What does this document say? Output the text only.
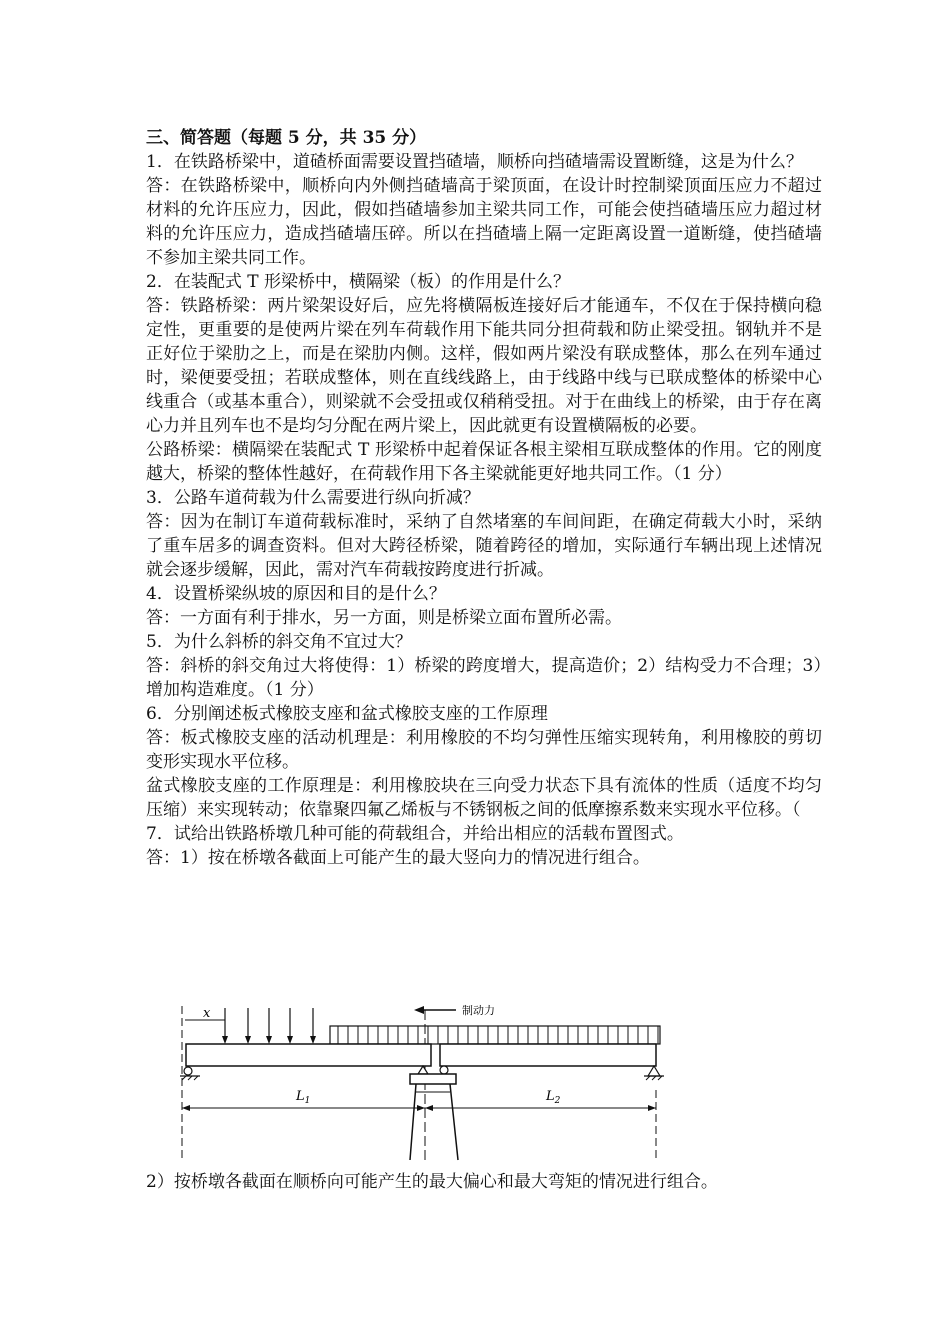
三、简答题（每题 5 分，共 35 分）

1．在铁路桥梁中，道碴桥面需要设置挡碴墙，顺桥向挡碴墙需设置断缝，这是为什么？

答：在铁路桥梁中，顺桥向内外侧挡碴墙高于梁顶面，在设计时控制梁顶面压应力不超过材料的允许压应力，因此，假如挡碴墙参加主梁共同工作，可能会使挡碴墙压应力超过材料的允许压应力，造成挡碴墙压碎。所以在挡碴墙上隔一定距离设置一道断缝，使挡碴墙不参加主梁共同工作。

2．在装配式 T 形梁桥中，横隔梁（板）的作用是什么？

答：铁路桥梁：两片梁架设好后，应先将横隔板连接好后才能通车，不仅在于保持横向稳定性，更重要的是使两片梁在列车荷载作用下能共同分担荷载和防止梁受扭。钢轨并不是正好位于梁肋之上，而是在梁肋内侧。这样，假如两片梁没有联成整体，那么在列车通过时，梁便要受扭；若联成整体，则在直线线路上，由于线路中线与已联成整体的桥梁中心线重合（或基本重合），则梁就不会受扭或仅稍稍受扭。对于在曲线上的桥梁，由于存在离心力并且列车也不是均匀分配在两片梁上，因此就更有设置横隔板的必要。

公路桥梁：横隔梁在装配式 T 形梁桥中起着保证各根主梁相互联成整体的作用。它的刚度越大，桥梁的整体性越好，在荷载作用下各主梁就能更好地共同工作。（1 分）

3．公路车道荷载为什么需要进行纵向折减？

答：因为在制订车道荷载标准时，采纳了自然堵塞的车间间距，在确定荷载大小时，采纳了重车居多的调查资料。但对大跨径桥梁，随着跨径的增加，实际通行车辆出现上述情况就会逐步缓解，因此，需对汽车荷载按跨度进行折减。

4．设置桥梁纵坡的原因和目的是什么？

答：一方面有利于排水，另一方面，则是桥梁立面布置所必需。

5．为什么斜桥的斜交角不宜过大？

答：斜桥的斜交角过大将使得：1）桥梁的跨度增大，提高造价；2）结构受力不合理；3）增加构造难度。（1 分）

6．分别阐述板式橡胶支座和盆式橡胶支座的工作原理

答：板式橡胶支座的活动机理是：利用橡胶的不均匀弹性压缩实现转角，利用橡胶的剪切变形实现水平位移。

盆式橡胶支座的工作原理是：利用橡胶块在三向受力状态下具有流体的性质（适度不均匀压缩）来实现转动；依靠聚四氟乙烯板与不锈钢板之间的低摩擦系数来实现水平位移。（

7．试给出铁路桥墩几种可能的荷载组合，并给出相应的活载布置图式。

答：1）按在桥墩各截面上可能产生的最大竖向力的情况进行组合。

制动力
x
$L_1$	$L_2$

2）按桥墩各截面在顺桥向可能产生的最大偏心和最大弯矩的情况进行组合。
